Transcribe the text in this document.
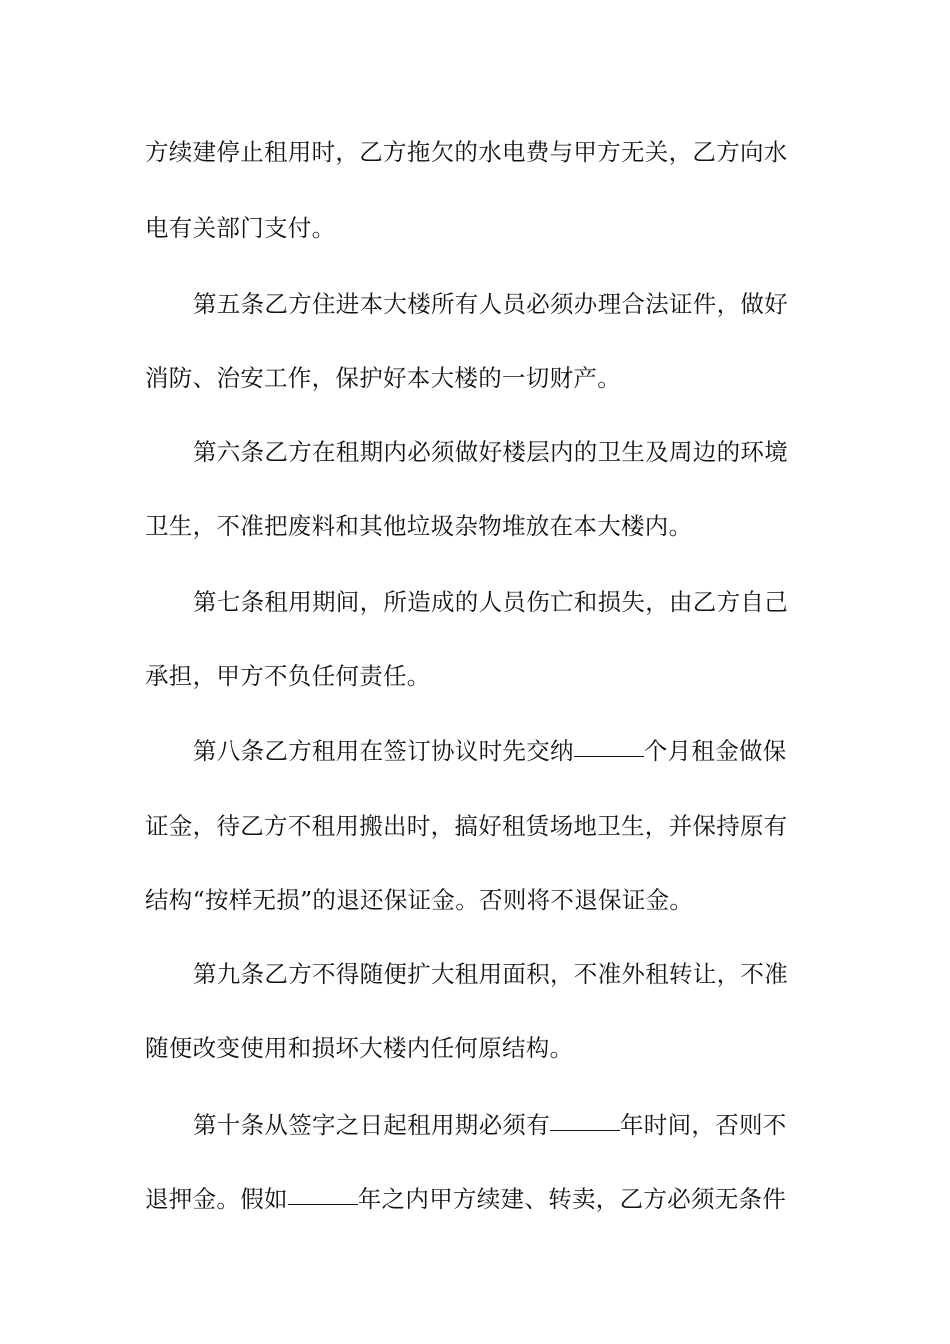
方续建停止租用时，乙方拖欠的水电费与甲方无关，乙方向水
电有关部门支付。
第五条乙方住进本大楼所有人员必须办理合法证件，做好
消防、治安工作，保护好本大楼的一切财产。
第六条乙方在租期内必须做好楼层内的卫生及周边的环境
卫生，不准把废料和其他垃圾杂物堆放在本大楼内。
第七条租用期间，所造成的人员伤亡和损失，由乙方自己
承担，甲方不负任何责任。
第八条乙方租用在签订协议时先交纳	个月租金做保
证金，待乙方不租用搬出时，搞好租赁场地卫生，并保持原有
结构“按样无损”的退还保证金。否则将不退保证金。
第九条乙方不得随便扩大租用面积，不准外租转让，不准
随便改变使用和损坏大楼内任何原结构。
第十条从签字之日起租用期必须有	年时间，否则不
退押金。假如	年之内甲方续建、转卖，乙方必须无条件
